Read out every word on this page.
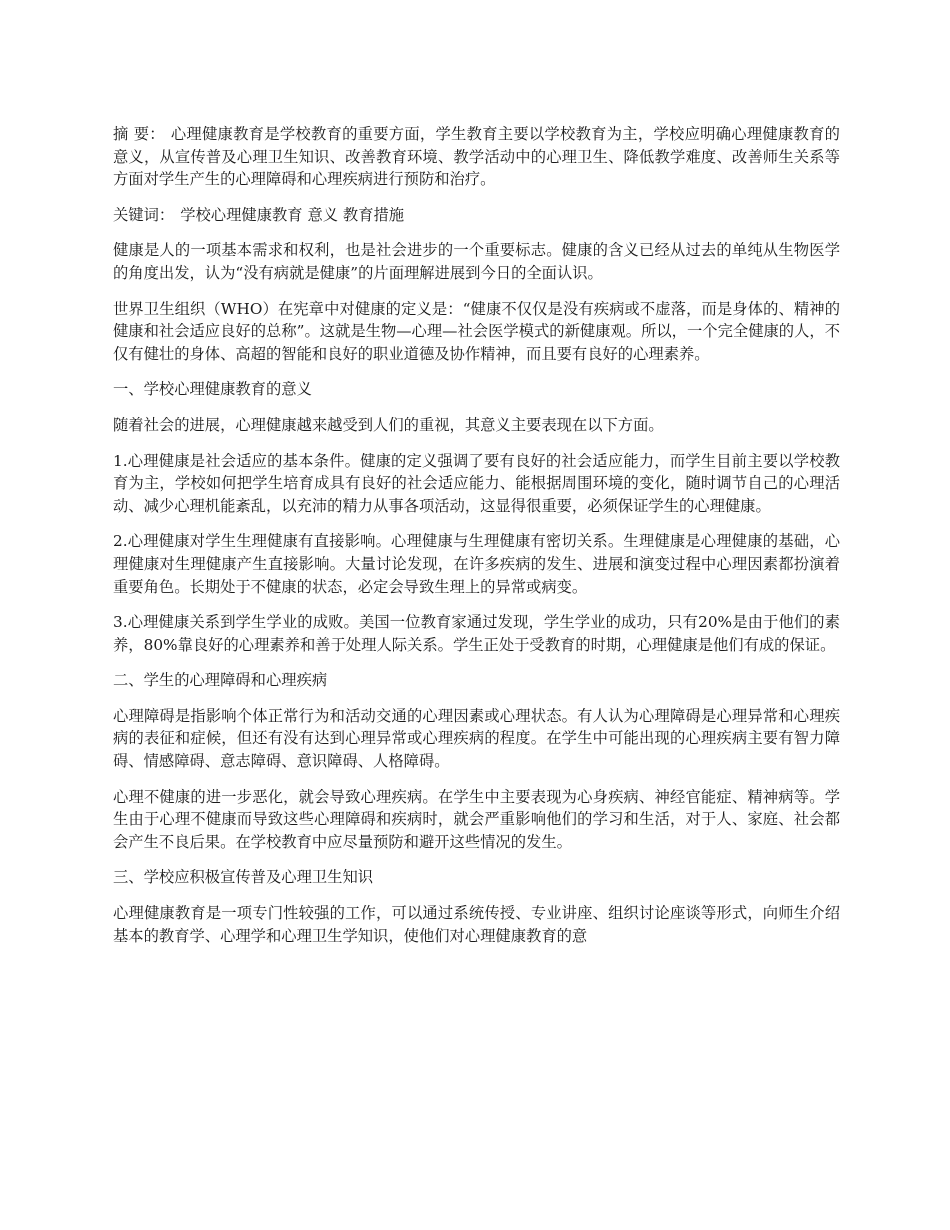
摘 要： 心理健康教育是学校教育的重要方面，学生教育主要以学校教育为主，学校应明确心理健康教育的意义，从宣传普及心理卫生知识、改善教育环境、教学活动中的心理卫生、降低教学难度、改善师生关系等方面对学生产生的心理障碍和心理疾病进行预防和治疗。

关键词： 学校心理健康教育 意义 教育措施

健康是人的一项基本需求和权利，也是社会进步的一个重要标志。健康的含义已经从过去的单纯从生物医学的角度出发，认为“没有病就是健康”的片面理解进展到今日的全面认识。

世界卫生组织（WHO）在宪章中对健康的定义是：“健康不仅仅是没有疾病或不虚落，而是身体的、精神的健康和社会适应良好的总称”。这就是生物—心理—社会医学模式的新健康观。所以，一个完全健康的人，不仅有健壮的身体、高超的智能和良好的职业道德及协作精神，而且要有良好的心理素养。

一、学校心理健康教育的意义

随着社会的进展，心理健康越来越受到人们的重视，其意义主要表现在以下方面。

1.心理健康是社会适应的基本条件。健康的定义强调了要有良好的社会适应能力，而学生目前主要以学校教育为主，学校如何把学生培育成具有良好的社会适应能力、能根据周围环境的变化，随时调节自己的心理活动、减少心理机能紊乱，以充沛的精力从事各项活动，这显得很重要，必须保证学生的心理健康。

2.心理健康对学生生理健康有直接影响。心理健康与生理健康有密切关系。生理健康是心理健康的基础，心理健康对生理健康产生直接影响。大量讨论发现，在许多疾病的发生、进展和演变过程中心理因素都扮演着重要角色。长期处于不健康的状态，必定会导致生理上的异常或病变。

3.心理健康关系到学生学业的成败。美国一位教育家通过发现，学生学业的成功，只有20%是由于他们的素养，80%靠良好的心理素养和善于处理人际关系。学生正处于受教育的时期，心理健康是他们有成的保证。

二、学生的心理障碍和心理疾病

心理障碍是指影响个体正常行为和活动交通的心理因素或心理状态。有人认为心理障碍是心理异常和心理疾病的表征和症候，但还有没有达到心理异常或心理疾病的程度。在学生中可能出现的心理疾病主要有智力障碍、情感障碍、意志障碍、意识障碍、人格障碍。

心理不健康的进一步恶化，就会导致心理疾病。在学生中主要表现为心身疾病、神经官能症、精神病等。学生由于心理不健康而导致这些心理障碍和疾病时，就会严重影响他们的学习和生活，对于人、家庭、社会都会产生不良后果。在学校教育中应尽量预防和避开这些情况的发生。

三、学校应积极宣传普及心理卫生知识

心理健康教育是一项专门性较强的工作，可以通过系统传授、专业讲座、组织讨论座谈等形式，向师生介绍基本的教育学、心理学和心理卫生学知识，使他们对心理健康教育的意
